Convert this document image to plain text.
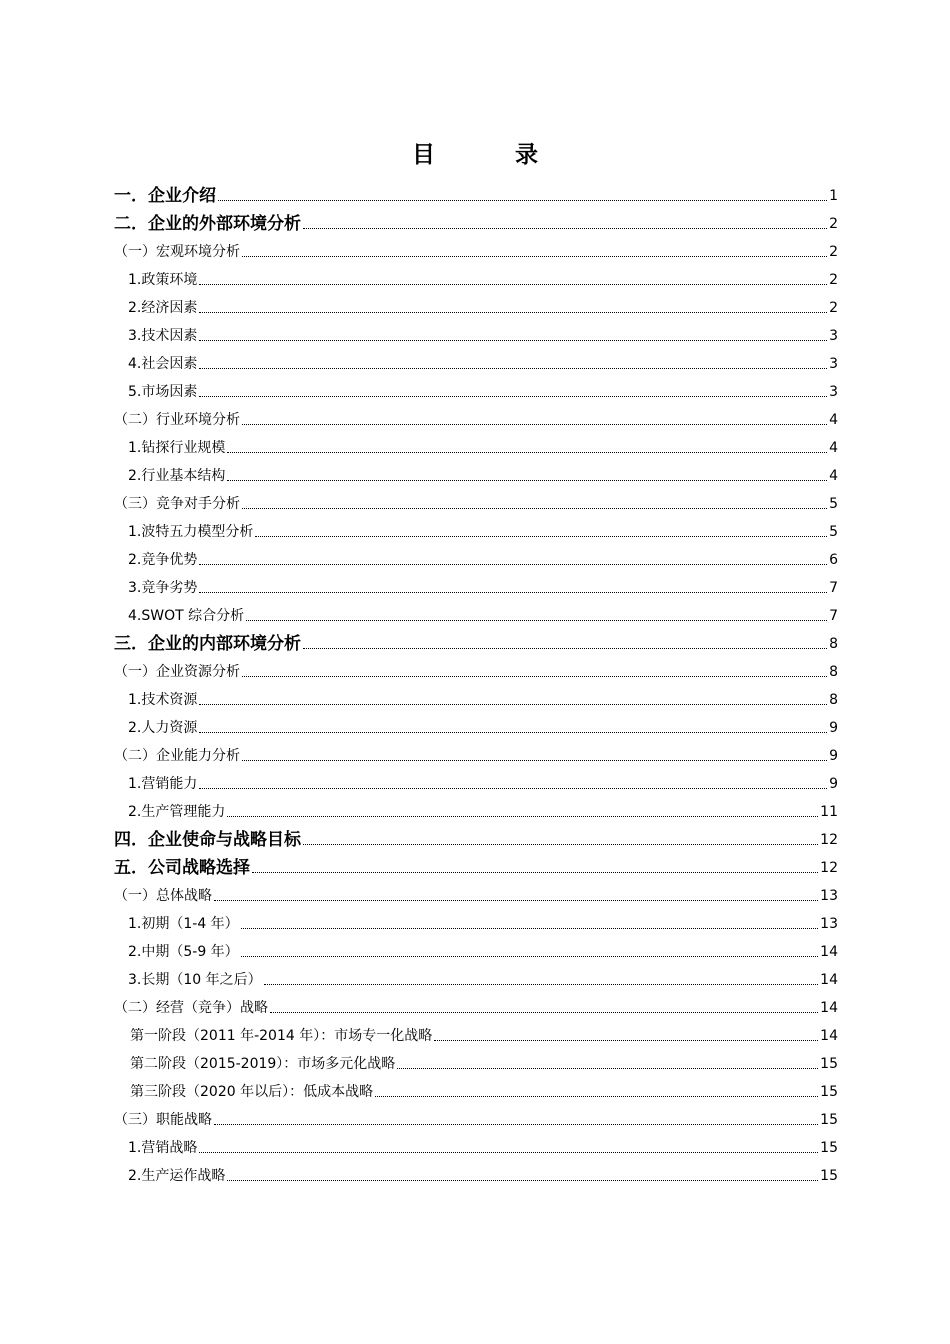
目 录
一．企业介绍	1
二．企业的外部环境分析	2
（一）宏观环境分析	2
1.政策环境	2
2.经济因素	2
3.技术因素	3
4.社会因素	3
5.市场因素	3
（二）行业环境分析	4
1.钻探行业规模	4
2.行业基本结构	4
（三）竞争对手分析	5
1.波特五力模型分析	5
2.竞争优势	6
3.竞争劣势	7
4.SWOT 综合分析	7
三．企业的内部环境分析	8
（一）企业资源分析	8
1.技术资源	8
2.人力资源	9
（二）企业能力分析	9
1.营销能力	9
2.生产管理能力	11
四．企业使命与战略目标	12
五．公司战略选择	12
（一）总体战略	13
1.初期（1-4 年）	13
2.中期（5-9 年）	14
3.长期（10 年之后）	14
（二）经营（竞争）战略	14
第一阶段（2011 年-2014 年）：市场专一化战略	14
第二阶段（2015-2019）：市场多元化战略	15
第三阶段（2020 年以后）：低成本战略	15
（三）职能战略	15
1.营销战略	15
2.生产运作战略	15
